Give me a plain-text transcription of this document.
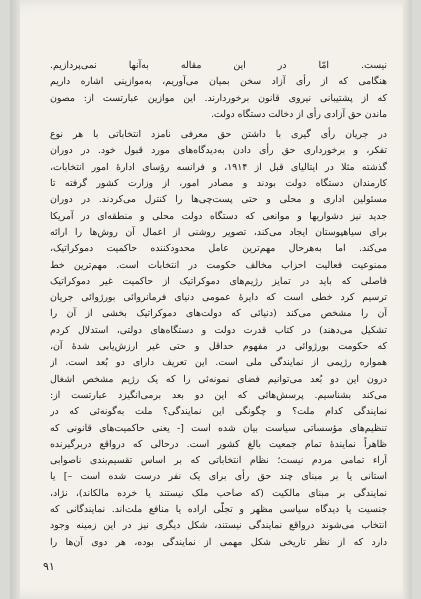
نیست. امّا در این مقاله به‌آنها نمی‌پردازیم.
هنگامی که از رأی آزاد سخن بمیان می‌آوریم، به‌موازینی اشاره داریم
که از پشتیبانی نیروی قانون برخوردارند. این موازین عبارتست از: مصون
ماندن حق آزادی رأی از دخالت دستگاه دولت.
در جریان رأی گیری با داشتن حق معرفی نامزد انتخاباتی با هر نوع
تفکر، و برخورداری حق رأی دادن به‌دیدگاه‌های مورد قبول خود. در دوران
گذشته مثلا در ایتالیای قبل از ۱۹۱۴، و فرانسه رؤسای ادارهٔ امور انتخابات،
کارمندان دستگاه دولت بودند و مصادر امور، از وزارت کشور گرفته تا
مسئولین اداری و محلی و حتی پست‌چی‌ها را کنترل می‌کردند. در دوران
جدید نیز دشواریها و موانعی که دستگاه دولت محلی و منطقه‌ای در آمریکا
برای سیاهپوستان ایجاد می‌کند، تصویر روشنی از اعمال آن روش‌ها را ارائه
می‌کند. اما به‌هرحال مهم‌ترین عامل محدودکننده حاکمیت دموکراتیک،
ممنوعیت فعالیت احزاب مخالف حکومت در انتخابات است. مهم‌ترین خط
فاصلی که باید در تمایز رژیم‌های دموکراتیک از حاکمیت غیر دموکراتیک
ترسیم کرد خطی است که دایرهٔ عمومی دنیای فرمانروائی بورژوائی جریان
آن را مشخص می‌کند (دنیائی که دولت‌های دموکراتیک بخشی از آن را
تشکیل می‌دهند) در کتاب قدرت دولت و دستگاه‌های دولتی، استدلال کردم
که حکومت بورژوائی در مفهوم حداقل و حتی غیر ارزش‌یابی شدهٔ آن،
همواره رژیمی از نمایندگی ملی است. این تعریف دارای دو بُعد است. از
درون این دو بُعد می‌توانیم فضای نمونه‌ئی را که یک رژیم مشخص اشغال
می‌کند بشناسیم. پرسش‌هائی که این دو بعد برمی‌انگیزد عبارتست از:
نمایندگی کدام ملت؟ و چگونگی این نمایندگی؟ ملت به‌گونه‌ئی که در
تنظیم‌های مؤسساتی سیاست بیان شده است [- یعنی حاکمیت‌های قانونی که
ظاهراً نمایندهٔ تمام جمعیت بالغ کشور است. درحالی که درواقع دربرگیرنده
آراء تمامی مردم نیست؛ نظام انتخاباتی که بر اساس تقسیم‌بندی ناصوابی
استانی یا بر مبنای چند حق رأی برای یک نفر درست شده است –] یا
نمایندگی بر مبنای مالکیت (که صاحب ملک نیستند یا خرده مالکاند)، نژاد،
جنسیت یا دیدگاه سیاسی مظهر و تجلّی اراده یا منافع ملت‌اند. نمایندگانی که
انتخاب می‌شوند درواقع نمایندگی نیستند، شکل دیگری نیز در این زمینه وجود
دارد که از نظر تاریخی شکل مهمی از نمایندگی بوده، هر دوی آن‌ها را
۹۱
